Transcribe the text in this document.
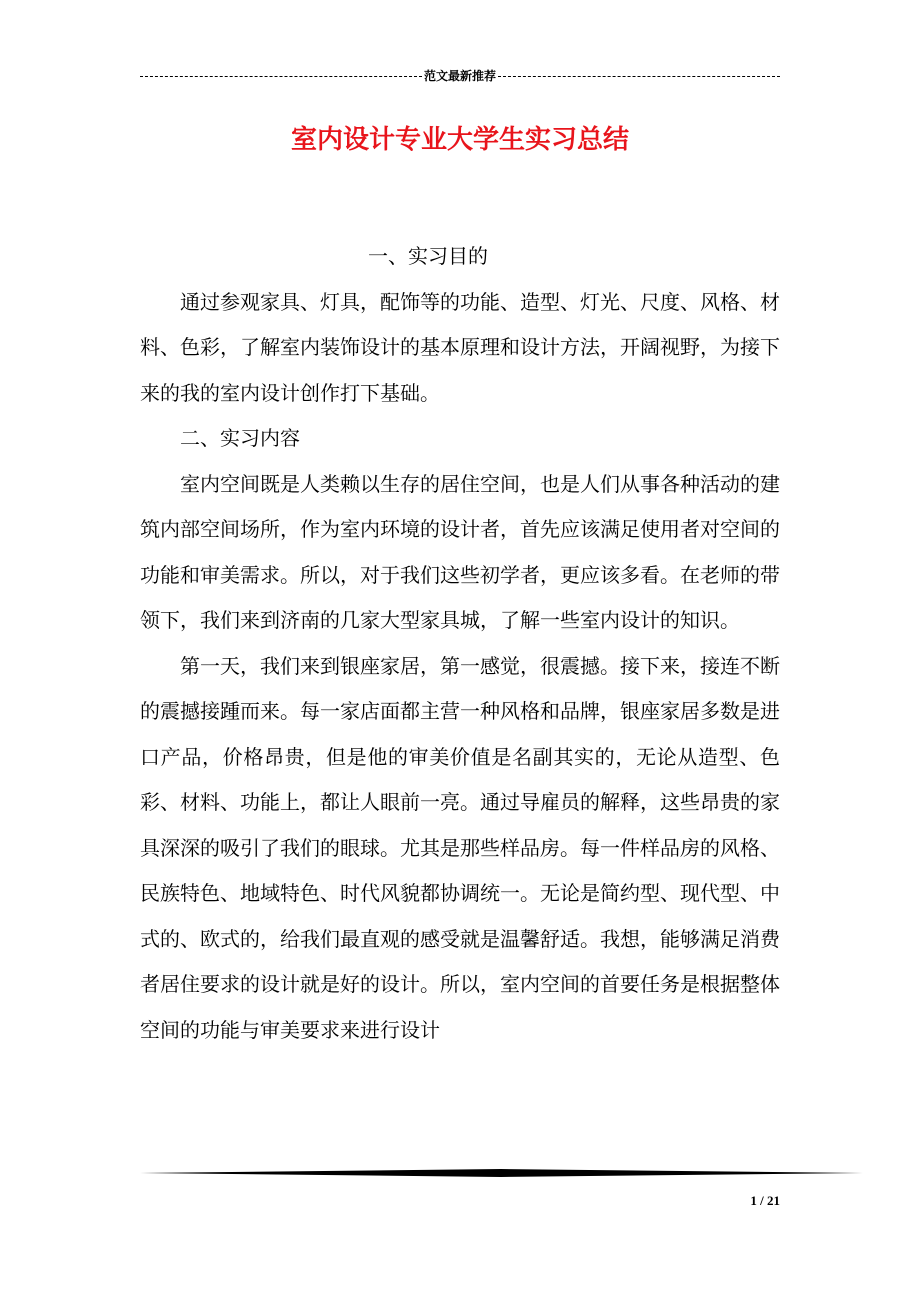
范文最新推荐
室内设计专业大学生实习总结

一、实习目的

通过参观家具、灯具，配饰等的功能、造型、灯光、尺度、风格、材料、色彩，了解室内装饰设计的基本原理和设计方法，开阔视野，为接下来的我的室内设计创作打下基础。

二、实习内容

室内空间既是人类赖以生存的居住空间，也是人们从事各种活动的建筑内部空间场所，作为室内环境的设计者，首先应该满足使用者对空间的功能和审美需求。所以，对于我们这些初学者，更应该多看。在老师的带领下，我们来到济南的几家大型家具城，了解一些室内设计的知识。

第一天，我们来到银座家居，第一感觉，很震撼。接下来，接连不断的震撼接踵而来。每一家店面都主营一种风格和品牌，银座家居多数是进口产品，价格昂贵，但是他的审美价值是名副其实的，无论从造型、色彩、材料、功能上，都让人眼前一亮。通过导雇员的解释，这些昂贵的家具深深的吸引了我们的眼球。尤其是那些样品房。每一件样品房的风格、民族特色、地域特色、时代风貌都协调统一。无论是简约型、现代型、中式的、欧式的，给我们最直观的感受就是温馨舒适。我想，能够满足消费者居住要求的设计就是好的设计。所以，室内空间的首要任务是根据整体空间的功能与审美要求来进行设计

1 / 21
